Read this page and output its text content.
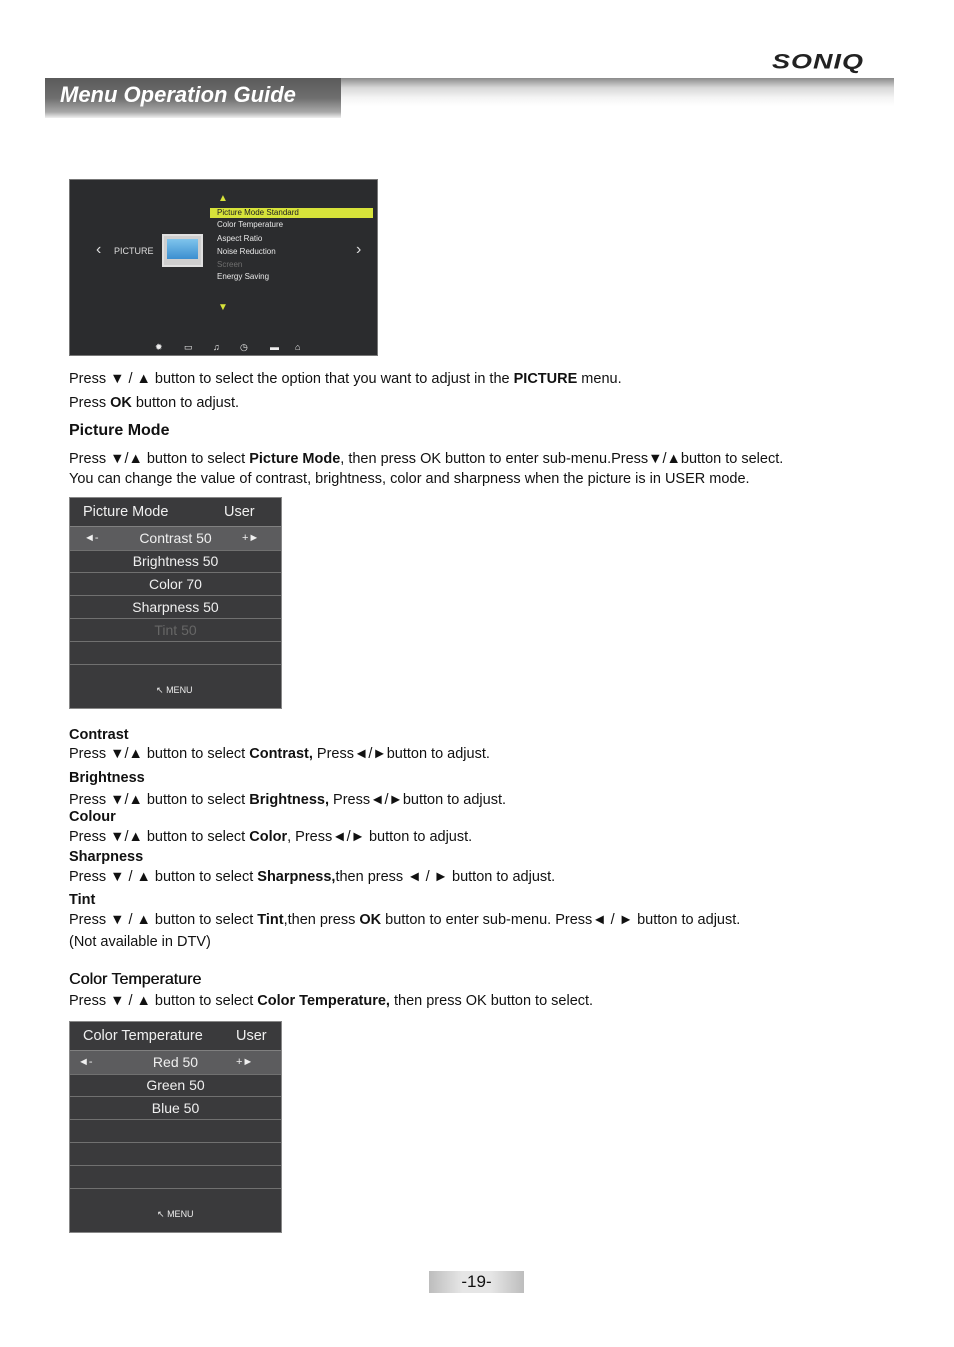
Menu Operation Guide
SONIQ
‹ PICTURE	›
▲
Picture Mode Standard
Color Temperature
Aspect Ratio
Noise Reduction
Screen
Energy Saving
▼
✹ ▭ ♫ ◷ ▬ ⌂
Press ▼ / ▲ button to select the option that you want to adjust in the PICTURE menu.
Press OK button to adjust.
Picture Mode
Press ▼/▲ button to select Picture Mode, then press OK button to enter sub-menu.Press▼/▲button to select.
You can change the value of contrast, brightness, color and sharpness when the picture is in USER mode.
Picture Mode	User
◄-	Contrast 50	+►
Brightness 50
Color 70
Sharpness 50
Tint 50
↖ MENU
Contrast
Press ▼/▲ button to select Contrast, Press◄/►button to adjust.
Brightness
Press ▼/▲ button to select Brightness, Press◄/►button to adjust.
Colour
Press ▼/▲ button to select Color, Press◄/► button to adjust.
Sharpness
Press ▼ / ▲ button to select Sharpness,then press ◄ / ► button to adjust.
Tint
Press ▼ / ▲ button to select Tint,then press OK button to enter sub-menu. Press◄ / ► button to adjust.
(Not available in DTV)
Color Temperature
Press ▼ / ▲ button to select Color Temperature, then press OK button to select.
Color Temperature User
◄-	Red 50	+►
Green 50
Blue 50
↖ MENU
-19-
